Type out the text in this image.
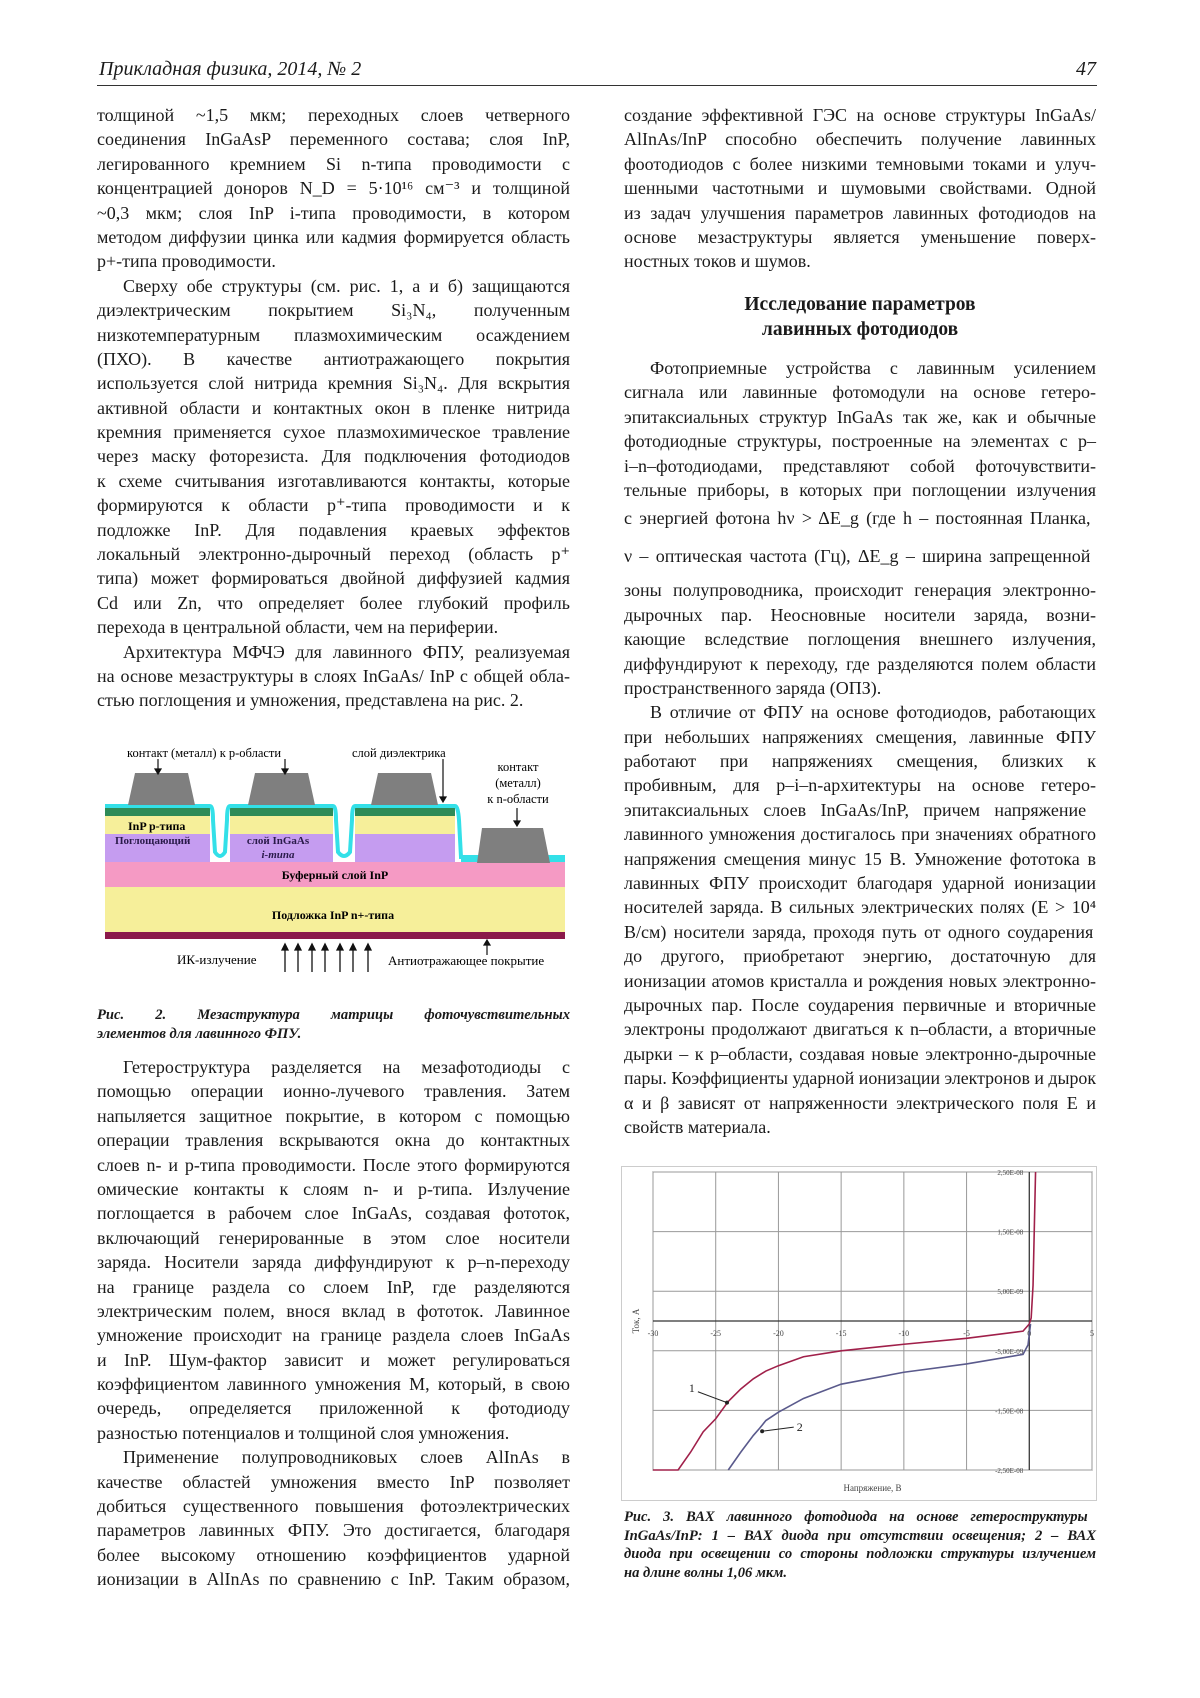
Прикладная физика, 2014, № 2	47
толщиной ~1,5 мкм; переходных слоев четверного
соединения InGaAsP переменного состава; слоя InP,
легированного кремнием Si n-типа проводимости с
концентрацией доноров N_D = 5·10¹⁶ см⁻³ и толщиной
~0,3 мкм; слоя InP i-типа проводимости, в котором
методом диффузии цинка или кадмия формируется область
p+-типа проводимости.
Сверху обе структуры (см. рис. 1, а и б) защищаются
диэлектрическим покрытием Si₃N₄, полученным
низкотемпературным плазмохимическим осаждением
(ПХО). В качестве антиотражающего покрытия
используется слой нитрида кремния Si₃N₄. Для вскрытия
активной области и контактных окон в пленке нитрида
кремния применяется сухое плазмохимическое травление
через маску фоторезиста. Для подключения фотодиодов
к схеме считывания изготавливаются контакты, которые
формируются к области p⁺-типа проводимости и к
подложке InP. Для подавления краевых эффектов
локальный электронно-дырочный переход (область p⁺
типа) может формироваться двойной диффузией кадмия
Cd или Zn, что определяет более глубокий профиль
перехода в центральной области, чем на периферии.
Архитектура МФЧЭ для лавинного ФПУ, реализуемая
на основе мезаструктуры в слоях InGaAs/ InP с общей обла-
стью поглощения и умножения, представлена на рис. 2.
контакт (металл) к p-области	слой диэлектрика
контакт
(металл)
к n-области
InP p-типа
Поглощающий	слой InGaAs
i-типа
Буферный слой InP
Подложка InP n+-типа
ИК-излучение	Антиотражающее покрытие
Рис. 2. Мезаструктура матрицы фоточувствительных
элементов для лавинного ФПУ.
Гетероструктура разделяется на мезафотодиоды с
помощью операции ионно-лучевого травления. Затем
напыляется защитное покрытие, в котором с помощью
операции травления вскрываются окна до контактных
слоев n- и p-типа проводимости. После этого формируются
омические контакты к слоям n- и p-типа. Излучение
поглощается в рабочем слое InGaAs, создавая фототок,
включающий генерированные в этом слое носители
заряда. Носители заряда диффундируют к p–n-переходу
на границе раздела со слоем InP, где разделяются
электрическим полем, внося вклад в фототок. Лавинное
умножение происходит на границе раздела слоев InGaAs
и InP. Шум-фактор зависит и может регулироваться
коэффициентом лавинного умножения M, который, в свою
очередь, определяется приложенной к фотодиоду
разностью потенциалов и толщиной слоя умножения.
Применение полупроводниковых слоев AlInAs в
качестве областей умножения вместо InP позволяет
добиться существенного повышения фотоэлектрических
параметров лавинных ФПУ. Это достигается, благодаря
более высокому отношению коэффициентов ударной
ионизации в AlInAs по сравнению с InP. Таким образом,
создание эффективной ГЭС на основе структуры InGaAs/
AlInAs/InP способно обеспечить получение лавинных
фоотодиодов с более низкими темновыми токами и улуч-
шенными частотными и шумовыми свойствами. Одной
из задач улучшения параметров лавинных фотодиодов на
основе мезаструктуры является уменьшение поверх-
ностных токов и шумов.
Исследование параметров
лавинных фотодиодов
Фотоприемные устройства с лавинным усилением
сигнала или лавинные фотомодули на основе гетеро-
эпитаксиальных структур InGaAs так же, как и обычные
фотодиодные структуры, построенные на элементах с p–
i–n–фотодиодами, представляют собой фоточувствити-
тельные приборы, в которых при поглощении излучения
с энергией фотона hν > ΔE_g (где h – постоянная Планка,
ν – оптическая частота (Гц), ΔE_g – ширина запрещенной
зоны полупроводника, происходит генерация электронно-
дырочных пар. Неосновные носители заряда, возни-
кающие вследствие поглощения внешнего излучения,
диффундируют к переходу, где разделяются полем области
пространственного заряда (ОПЗ).
В отличие от ФПУ на основе фотодиодов, работающих
при небольших напряжениях смещения, лавинные ФПУ
работают при напряжениях смещения, близких к
пробивным, для p–i–n-архитектуры на основе гетеро-
эпитаксиальных слоев InGaAs/InP, причем напряжение
лавинного умножения достигалось при значениях обратного
напряжения смещения минус 15 В. Умножение фототока в
лавинных ФПУ происходит благодаря ударной ионизации
носителей заряда. В сильных электрических полях (E > 10⁴
В/см) носители заряда, проходя путь от одного соударения
до другого, приобретают энергию, достаточную для
ионизации атомов кристалла и рождения новых электронно-
дырочных пар. После соударения первичные и вторичные
электроны продолжают двигаться к n–области, а вторичные
дырки – к p–области, создавая новые электронно-дырочные
пары. Коэффициенты ударной ионизации электронов и дырок
α и β зависят от напряженности электрического поля E и
свойств материала.
-30	-25	-20	-15	-10	-5	0	5
2,50E-08
1,50E-08
5,00E-09
-5,00E-09
-1,50E-08
-2,50E-08
1
2
Напряжение, В
Ток, А
Рис. 3. ВАХ лавинного фотодиода на основе гетероструктуры
InGaAs/InP: 1 – ВАХ диода при отсутствии освещения; 2 – ВАХ
диода при освещении со стороны подложки структуры излучением
на длине волны 1,06 мкм.
